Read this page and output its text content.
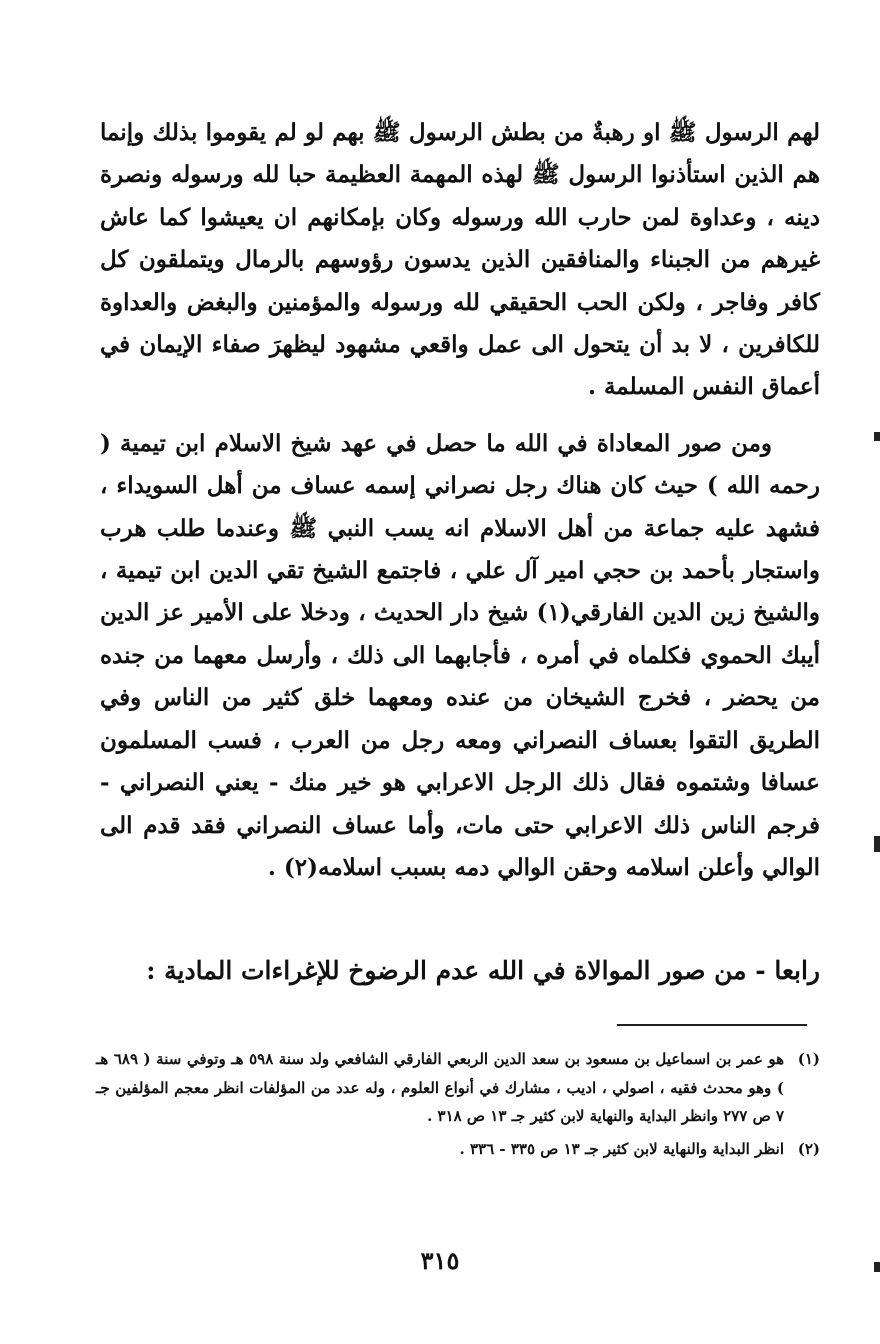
لهم الرسول ﷺ او رهبةٌ من بطش الرسول ﷺ بهم لو لم يقوموا بذلك وإنما هم الذين استأذنوا الرسول ﷺ لهذه المهمة العظيمة حبا لله ورسوله ونصرة دينه ، وعداوة لمن حارب الله ورسوله وكان بإمكانهم ان يعيشوا كما عاش غيرهم من الجبناء والمنافقين الذين يدسون رؤوسهم بالرمال ويتملقون كل كافر وفاجر ، ولكن الحب الحقيقي لله ورسوله والمؤمنين والبغض والعداوة للكافرين ، لا بد أن يتحول الى عمل واقعي مشهود ليظهرَ صفاء الإيمان في أعماق النفس المسلمة .

ومن صور المعاداة في الله ما حصل في عهد شيخ الاسلام ابن تيمية ( رحمه الله ) حيث كان هناك رجل نصراني إسمه عساف من أهل السويداء ، فشهد عليه جماعة من أهل الاسلام انه يسب النبي ﷺ وعندما طلب هرب واستجار بأحمد بن حجي امير آل علي ، فاجتمع الشيخ تقي الدين ابن تيمية ، والشيخ زين الدين الفارقي(١) شيخ دار الحديث ، ودخلا على الأمير عز الدين أيبك الحموي فكلماه في أمره ، فأجابهما الى ذلك ، وأرسل معهما من جنده من يحضر ، فخرج الشيخان من عنده ومعهما خلق كثير من الناس وفي الطريق التقوا بعساف النصراني ومعه رجل من العرب ، فسب المسلمون عسافا وشتموه فقال ذلك الرجل الاعرابي هو خير منك - يعني النصراني - فرجم الناس ذلك الاعرابي حتى مات، وأما عساف النصراني فقد قدم الى الوالي وأعلن اسلامه وحقن الوالي دمه بسبب اسلامه(٢) .

رابعا - من صور الموالاة في الله عدم الرضوخ للإغراءات المادية :
(١)
هو عمر بن اسماعيل بن مسعود بن سعد الدين الربعي الفارقي الشافعي ولد سنة ٥٩٨ هـ وتوفي سنة ( ٦٨٩ هـ ) وهو محدث فقيه ، اصولي ، اديب ، مشارك في أنواع العلوم ، وله عدد من المؤلفات انظر معجم المؤلفين جـ ٧ ص ٢٧٧ وانظر البداية والنهاية لابن كثير جـ ١٣ ص ٣١٨ .
(٢)
انظر البداية والنهاية لابن كثير جـ ١٣ ص ٣٣٥ - ٣٣٦ .
٣١٥
